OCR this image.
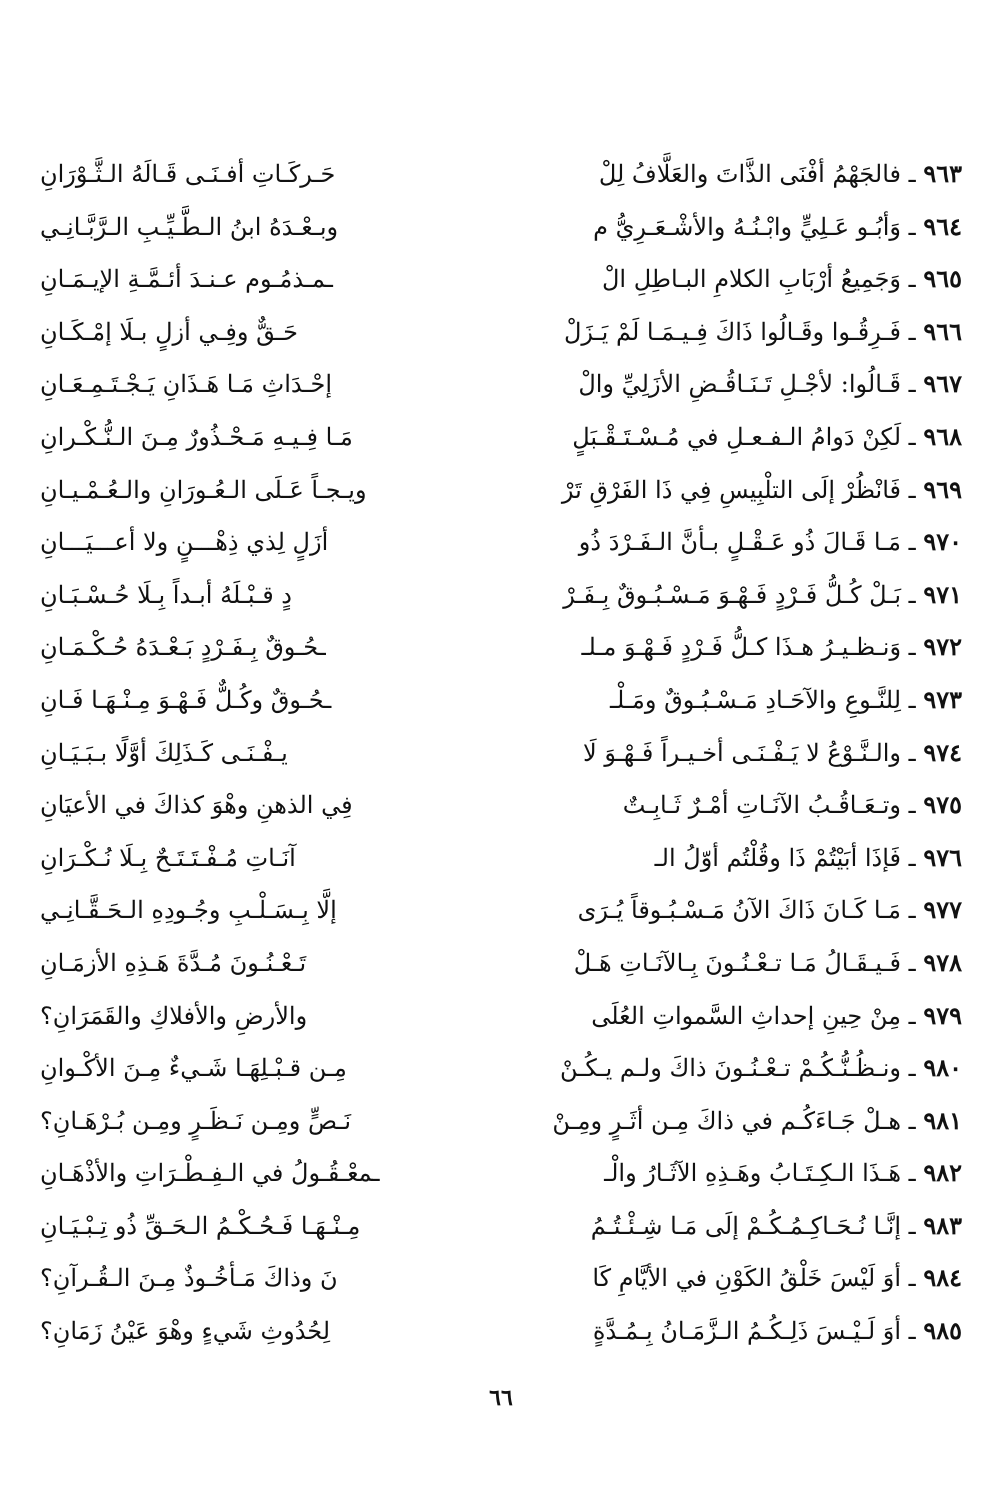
٩٦٣ ـ فالجَهْمُ أفْنَى الذَّاتَ والعَلَّافُ لِلْ
حَـركَـاتِ أفـنَـى قَـالَهُ الـثَّـوْرَانِ
٩٦٤ ـ وَأبُـو عَـلِيٍّ وابْـنُـهُ والأشْـعَـرِيُّ م
وبـعْـدَهُ ابنُ الـطَّـيِّـبِ الـرَّبَّـانِـي
٩٦٥ ـ وَجَمِيعُ أرْبَابِ الكلامِ البـاطِلِ الْ
ـمـذمُـوم عـنـدَ أئـمَّـةِ الإيـمَـانِ
٩٦٦ ـ فَـرِقُـوا وقَـالُوا ذَاكَ فِـيـمَـا لَمْ يَـزَلْ
حَـقٌّ وفِـي أزلٍ بـلَا إمْـكَـانِ
٩٦٧ ـ قَـالُوا: لأجْـلِ تَـنَـاقُـضِ الأزَلِيِّ والْ
إحْـدَاثِ مَـا هَـذَانِ يَـجْـتَـمِـعَـانِ
٩٦٨ ـ لَكِنْ دَوامُ الـفـعـلِ في مُـسْـتَـقْـبَلٍ
مَـا فِـيـهِ مَـحْـذُورٌ مِـنَ الـنُّـكْـرانِ
٩٦٩ ـ فَانْظُرْ إلَى التلْبِيسِ فِي ذَا الفَرْقِ تَرْ
ويـجـاً عَـلَى الـعُـورَانِ والـعُـمْـيـانِ
٩٧٠ ـ مَـا قَـالَ ذُو عَـقْـلٍ بـأنَّ الـفَـرْدَ ذُو
أزَلٍ لِذي ذِهْـــنٍ ولا أعـــيَـــانِ
٩٧١ ـ بَـلْ كُـلُّ فَـرْدٍ فَـهْـوَ مَـسْـبُـوقٌ بِـفَـرْ
دٍ قـبْـلَهُ أبـداً بِـلَا حُـسْـبَـانِ
٩٧٢ ـ وَنـظـيـرُ هـذَا كـلُّ فَـرْدٍ فَـهْـوَ مـلـ
ـحُـوقٌ بِـفَـرْدٍ بَـعْـدَهُ حُـكْـمَـانِ
٩٧٣ ـ لِلنَّـوعِ والآحَـادِ مَـسْـبُـوقٌ ومَـلْـ
ـحُـوقٌ وكُـلٌّ فَـهْـوَ مِـنْـهَـا فَـانِ
٩٧٤ ـ والـنَّـوْعُ لا يَـفْـنَـى أخـيـراً فَـهْـوَ لَا
يـفْـنَـى كَـذَلِكَ أوَّلًا بـبَـيَـانِ
٩٧٥ ـ وتـعَـاقُـبُ الآنَـاتِ أمْـرٌ ثَـابِـتٌ
فِي الذهنِ وهْوَ كذاكَ في الأعيَانِ
٩٧٦ ـ فَإذَا أبَيْتُمْ ذَا وقُلْتُم أوّلُ الـ
آنَـاتِ مُـفْـتَـتَـحٌ بِـلَا نُـكْـرَانِ
٩٧٧ ـ مَـا كَـانَ ذَاكَ الآنُ مَـسْـبُـوقاً يُـرَى
إلَّا بِـسَـلْـبِ وجُـودِهِ الـحَـقَّـانِـي
٩٧٨ ـ فَـيـقَـالُ مَـا تـعْـنُـونَ بِـالآنَـاتِ هَـلْ
تَـعْـنُـونَ مُـدَّةَ هَـذِهِ الأزمَـانِ
٩٧٩ ـ مِنْ حِينِ إحداثِ السَّمواتِ العُلَى
والأرضِ والأفلاكِ والقَمَرَانِ؟
٩٨٠ ـ ونـظُـنُّـكُـمْ تـعْـنُـونَ ذاكَ ولـم يـكُـنْ
مِـن قـبْـلِهَـا شَـيءٌ مِـنَ الأكْـوانِ
٩٨١ ـ هـلْ جَـاءَكُـم في ذاكَ مِـن أثَـرٍ ومِـنْ
نَـصٍّ ومِـن نَـظَـرٍ ومِـن بُـرْهَـانِ؟
٩٨٢ ـ هَـذَا الـكِـتَـابُ وهَـذِهِ الآثَـارُ والْـ
ـمعْـقُـولُ في الـفِـطْـرَاتِ والأذْهَـانِ
٩٨٣ ـ إنَّـا نُـحَـاكِـمُـكُـمْ إلَى مَـا شِـئْـتُـمُ
مِـنْـهَـا فَـحُـكْـمُ الـحَـقِّ ذُو تِـبْـيَـانِ
٩٨٤ ـ أوَ لَيْسَ خَلْقُ الكَوْنِ في الأيَّامِ كَا
نَ وذاكَ مَـأخُـوذٌ مِـنَ الـقُـرآنِ؟
٩٨٥ ـ أوَ لَـيْـسَ ذَلِـكُـمُ الـزَّمَـانُ بِـمُـدَّةٍ
لِحُدُوثِ شَيءٍ وهْوَ عَيْنُ زَمَانِ؟
٦٦
